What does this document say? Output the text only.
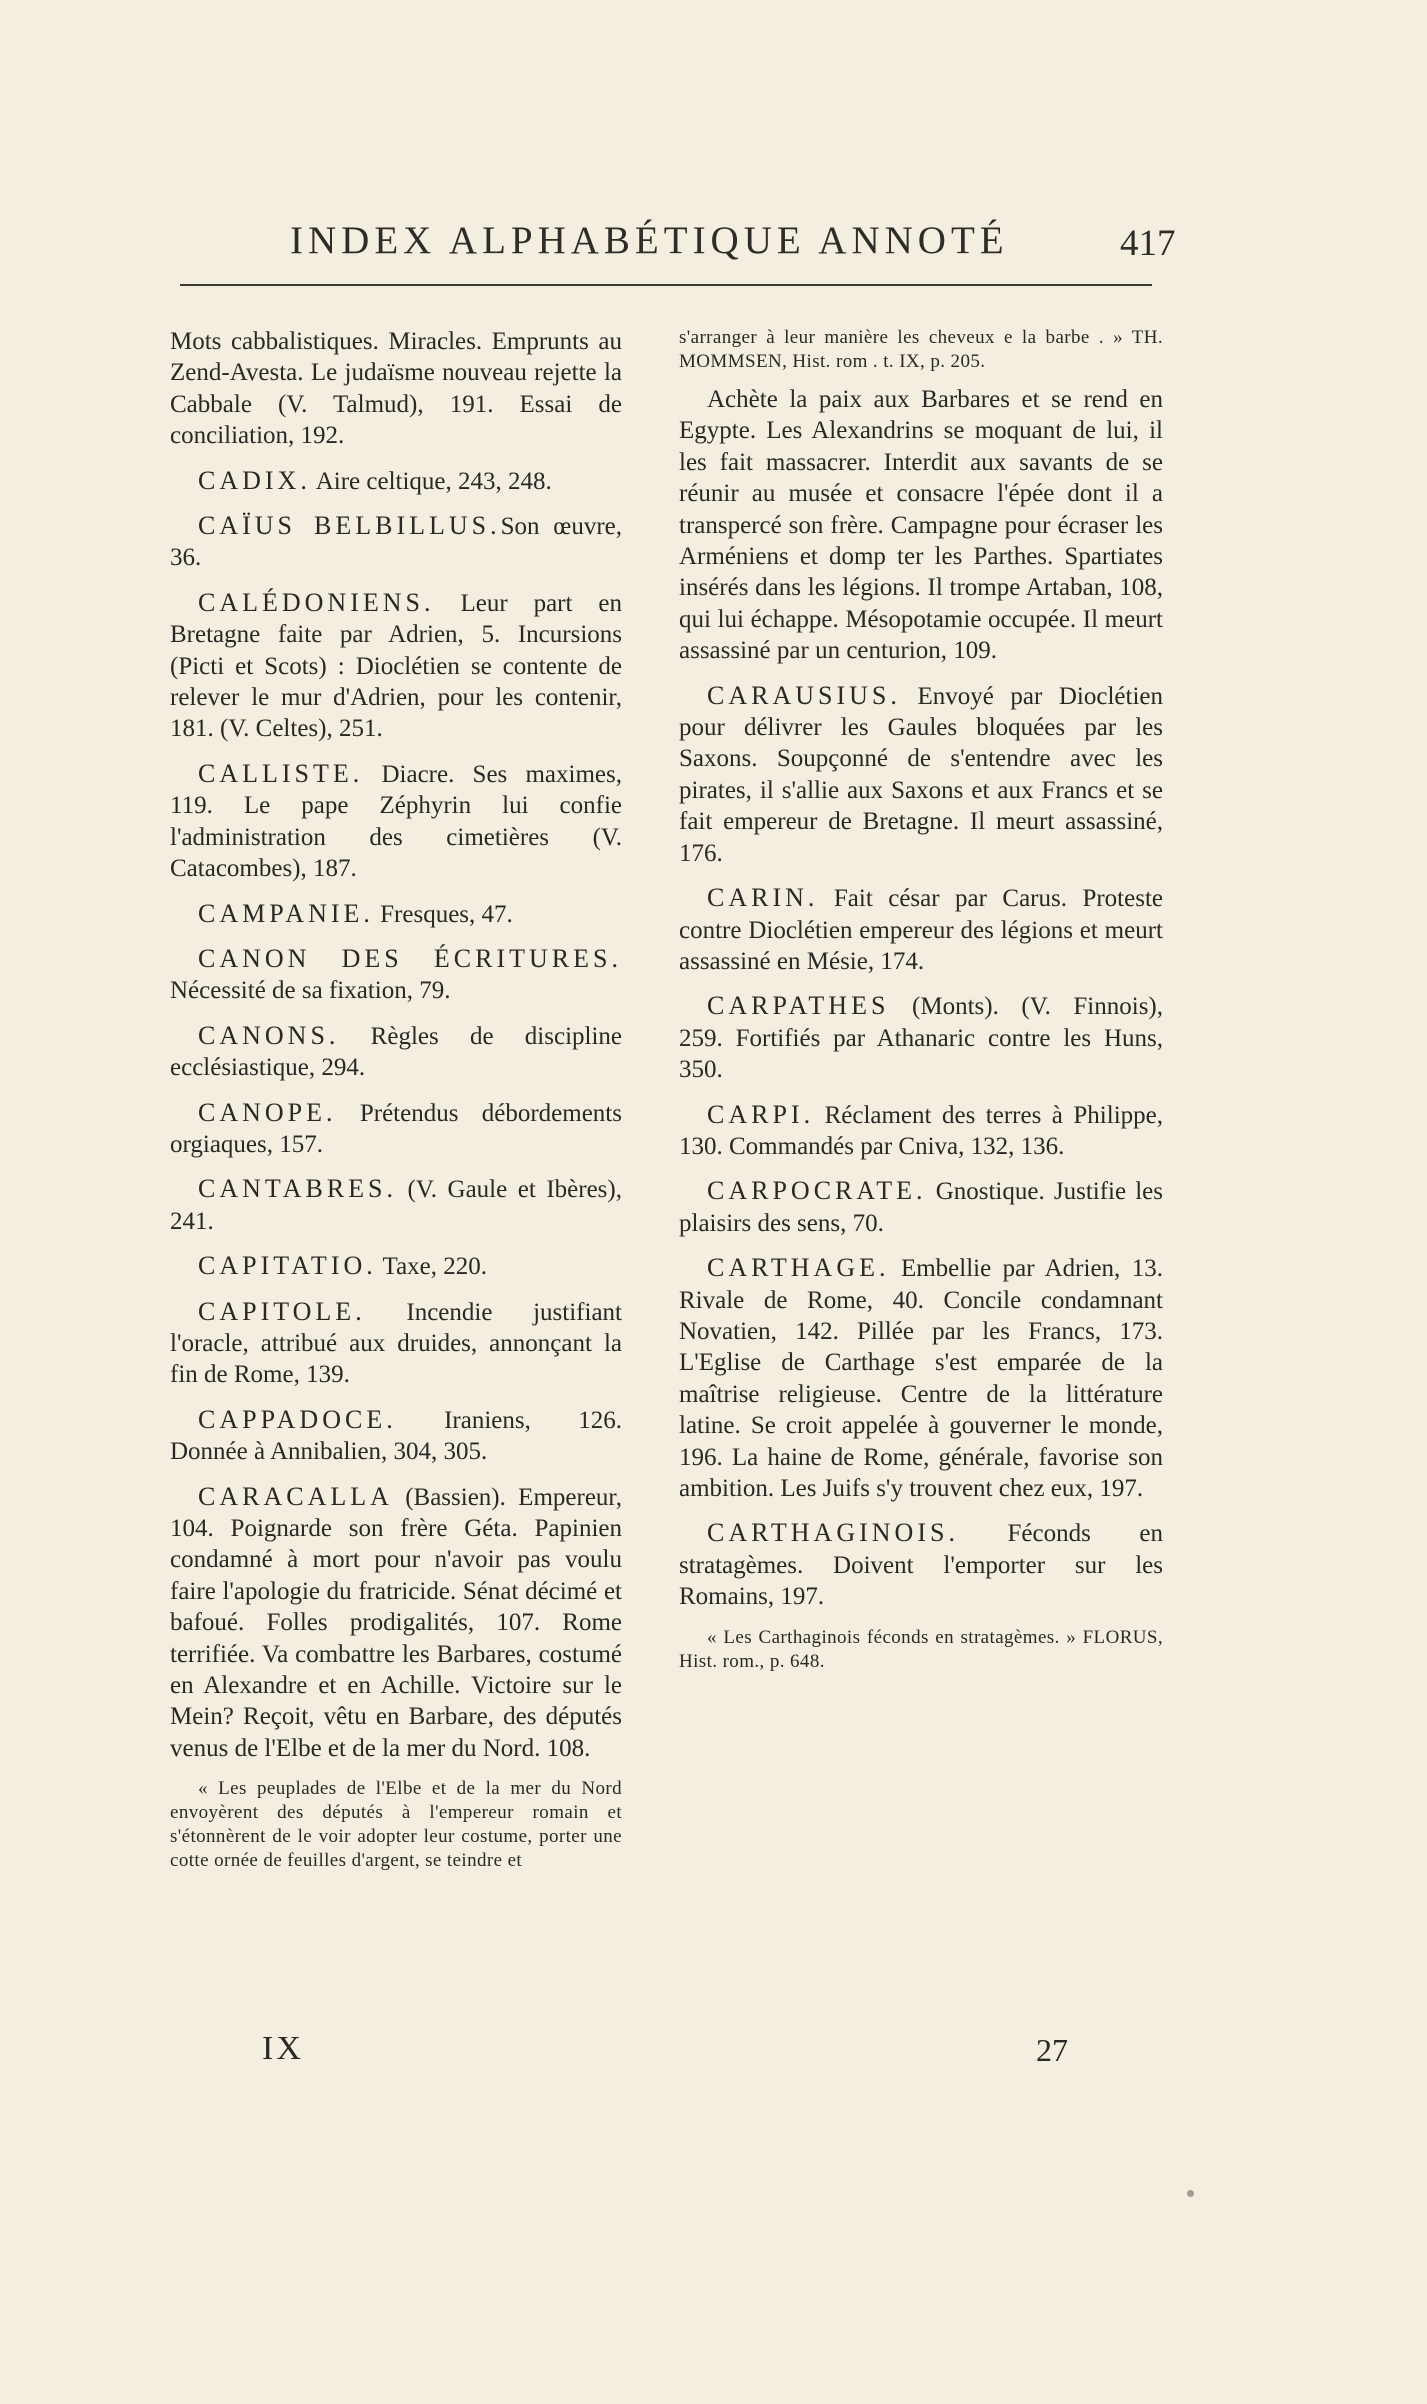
INDEX ALPHABÉTIQUE ANNOTÉ	417

Mots cabbalistiques. Miracles. Emprunts au Zend-Avesta. Le judaïsme nouveau rejette la Cabbale (V. Talmud), 191. Essai de conciliation, 192.

CADIX. Aire celtique, 243, 248.
CAÏUS BELBILLUS.Son œuvre, 36.
CALÉDONIENS. Leur part en Bretagne faite par Adrien, 5. Incursions (Picti et Scots) : Dioclétien se contente de relever le mur d'Adrien, pour les contenir, 181. (V. Celtes), 251.
CALLISTE. Diacre. Ses maximes, 119. Le pape Zéphyrin lui confie l'administration des cimetières (V. Catacombes), 187.
CAMPANIE. Fresques, 47.
CANON DES ÉCRITURES. Nécessité de sa fixation, 79.
CANONS. Règles de discipline ecclésiastique, 294.
CANOPE. Prétendus débordements orgiaques, 157.
CANTABRES. (V. Gaule et Ibères), 241.
CAPITATIO. Taxe, 220.
CAPITOLE. Incendie justifiant l'oracle, attribué aux druides, annonçant la fin de Rome, 139.
CAPPADOCE. Iraniens, 126. Donnée à Annibalien, 304, 305.
CARACALLA (Bassien). Empereur, 104. Poignarde son frère Géta. Papinien condamné à mort pour n'avoir pas voulu faire l'apologie du fratricide. Sénat décimé et bafoué. Folles prodigalités, 107. Rome terrifiée. Va combattre les Barbares, costumé en Alexandre et en Achille. Victoire sur le Mein? Reçoit, vêtu en Barbare, des députés venus de l'Elbe et de la mer du Nord. 108.

« Les peuplades de l'Elbe et de la mer du Nord envoyèrent des députés à l'empereur romain et s'étonnèrent de le voir adopter leur costume, porter une cotte ornée de feuilles d'argent, se teindre et

s'arranger à leur manière les cheveux e la barbe . » TH. MOMMSEN, Hist. rom . t. IX, p. 205.

Achète la paix aux Barbares et se rend en Egypte. Les Alexandrins se moquant de lui, il les fait massacrer. Interdit aux savants de se réunir au musée et consacre l'épée dont il a transpercé son frère. Campagne pour écraser les Arméniens et domp ter les Parthes. Spartiates insérés dans les légions. Il trompe Artaban, 108, qui lui échappe. Mésopotamie occupée. Il meurt assassiné par un centurion, 109.

CARAUSIUS. Envoyé par Dioclétien pour délivrer les Gaules bloquées par les Saxons. Soupçonné de s'entendre avec les pirates, il s'allie aux Saxons et aux Francs et se fait empereur de Bretagne. Il meurt assassiné, 176.
CARIN. Fait césar par Carus. Proteste contre Dioclétien empereur des légions et meurt assassiné en Mésie, 174.
CARPATHES (Monts). (V. Finnois), 259. Fortifiés par Athanaric contre les Huns, 350.
CARPI. Réclament des terres à Philippe, 130. Commandés par Cniva, 132, 136.
CARPOCRATE. Gnostique. Justifie les plaisirs des sens, 70.
CARTHAGE. Embellie par Adrien, 13. Rivale de Rome, 40. Concile condamnant Novatien, 142. Pillée par les Francs, 173. L'Eglise de Carthage s'est emparée de la maîtrise religieuse. Centre de la littérature latine. Se croit appelée à gouverner le monde, 196. La haine de Rome, générale, favorise son ambition. Les Juifs s'y trouvent chez eux, 197.
CARTHAGINOIS. Féconds en stratagèmes. Doivent l'emporter sur les Romains, 197.

« Les Carthaginois féconds en stratagèmes. » FLORUS, Hist. rom., p. 648.

IX	27
